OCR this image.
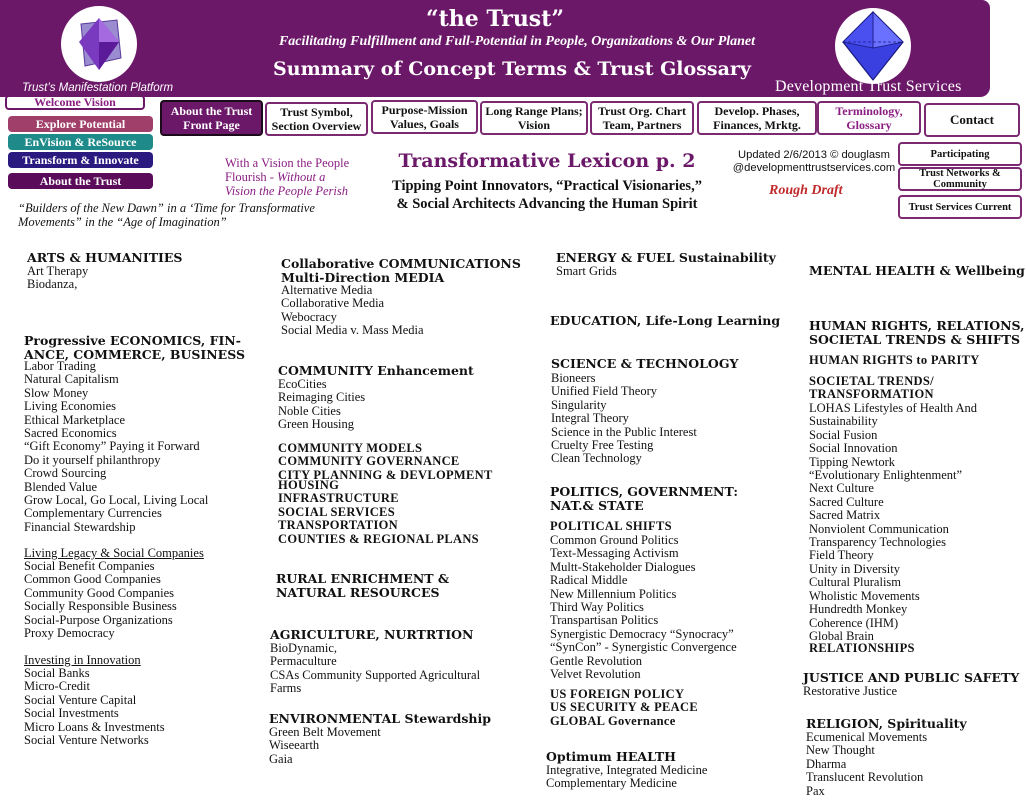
“the Trust”
Facilitating Fulfillment and Full-Potential in People, Organizations & Our Planet
Summary of Concept Terms & Trust Glossary
Trust’s Manifestation Platform	Development Trust Services
Welcome Vision
Explore Potential
EnVision & ReSource
Transform & Innovate
About the Trust
About the Trust Front Page
Trust Symbol, Section Overview
Purpose-Mission Values, Goals
Long Range Plans; Vision
Trust Org. Chart Team, Partners
Develop. Phases, Finances, Mrktg.
Terminology, Glossary	Contact
Participating
Trust Networks & Community
Trust Services Current
With a Vision the People
Flourish - Without a
Vision the People Perish
“Builders of the New Dawn” in a ‘Time for Transformative Movements” in the “Age of Imagination”
Transformative Lexicon p. 2
Tipping Point Innovators, “Practical Visionaries,”
& Social Architects Advancing the Human Spirit
Updated 2/6/2013 © douglasm
@developmenttrustservices.com
Rough Draft
ARTS & HUMANITIES
Art Therapy
Biodanza,
Progressive ECONOMICS, FIN-
ANCE, COMMERCE, BUSINESS
Labor Trading
Natural Capitalism
Slow Money
Living Economies
Ethical Marketplace
Sacred Economics
“Gift Economy” Paying it Forward
Do it yourself philanthropy
Crowd Sourcing
Blended Value
Grow Local, Go Local, Living Local
Complementary Currencies
Financial Stewardship
Living Legacy & Social Companies
Social Benefit Companies
Common Good Companies
Community Good Companies
Socially Responsible Business
Social-Purpose Organizations
Proxy Democracy
Investing in Innovation
Social Banks
Micro-Credit
Social Venture Capital
Social Investments
Micro Loans & Investments
Social Venture Networks
Collaborative COMMUNICATIONS
Multi-Direction MEDIA
Alternative Media
Collaborative Media
Webocracy
Social Media v. Mass Media
COMMUNITY Enhancement
EcoCities
Reimaging Cities
Noble Cities
Green Housing
COMMUNITY MODELS
COMMUNITY GOVERNANCE
CITY PLANNING & DEVLOPMENT
HOUSING
INFRASTRUCTURE
SOCIAL SERVICES
TRANSPORTATION
COUNTIES & REGIONAL PLANS
RURAL ENRICHMENT &
NATURAL RESOURCES
AGRICULTURE, NURTRTION
BioDynamic,
Permaculture
CSAs Community Supported Agricultural
Farms
ENVIRONMENTAL Stewardship
Green Belt Movement
Wiseearth
Gaia
ENERGY & FUEL Sustainability
Smart Grids
EDUCATION, Life-Long Learning
SCIENCE & TECHNOLOGY
Bioneers
Unified Field Theory
Singularity
Integral Theory
Science in the Public Interest
Cruelty Free Testing
Clean Technology
POLITICS, GOVERNMENT:
NAT.& STATE
POLITICAL SHIFTS
Common Ground Politics
Text-Messaging Activism
Multt-Stakeholder Dialogues
Radical Middle
New Millennium Politics
Third Way Politics
Transpartisan Politics
Synergistic Democracy “Synocracy”
“SynCon” - Synergistic Convergence
Gentle Revolution
Velvet Revolution
US FOREIGN POLICY
US SECURITY & PEACE
GLOBAL Governance
Optimum HEALTH
Integrative, Integrated Medicine
Complementary Medicine
MENTAL HEALTH & Wellbeing
HUMAN RIGHTS, RELATIONS,
SOCIETAL TRENDS & SHIFTS
HUMAN RIGHTS to PARITY
SOCIETAL TRENDS/
TRANSFORMATION
LOHAS Lifestyles of Health And
Sustainability
Social Fusion
Social Innovation
Tipping Newtork
“Evolutionary Enlightenment”
Next Culture
Sacred Culture
Sacred Matrix
Nonviolent Communication
Transparency Technologies
Field Theory
Unity in Diversity
Cultural Pluralism
Wholistic Movements
Hundredth Monkey
Coherence (IHM)
Global Brain
RELATIONSHIPS
JUSTICE AND PUBLIC SAFETY
Restorative Justice
RELIGION, Spirituality
Ecumenical Movements
New Thought
Dharma
Translucent Revolution
Pax
